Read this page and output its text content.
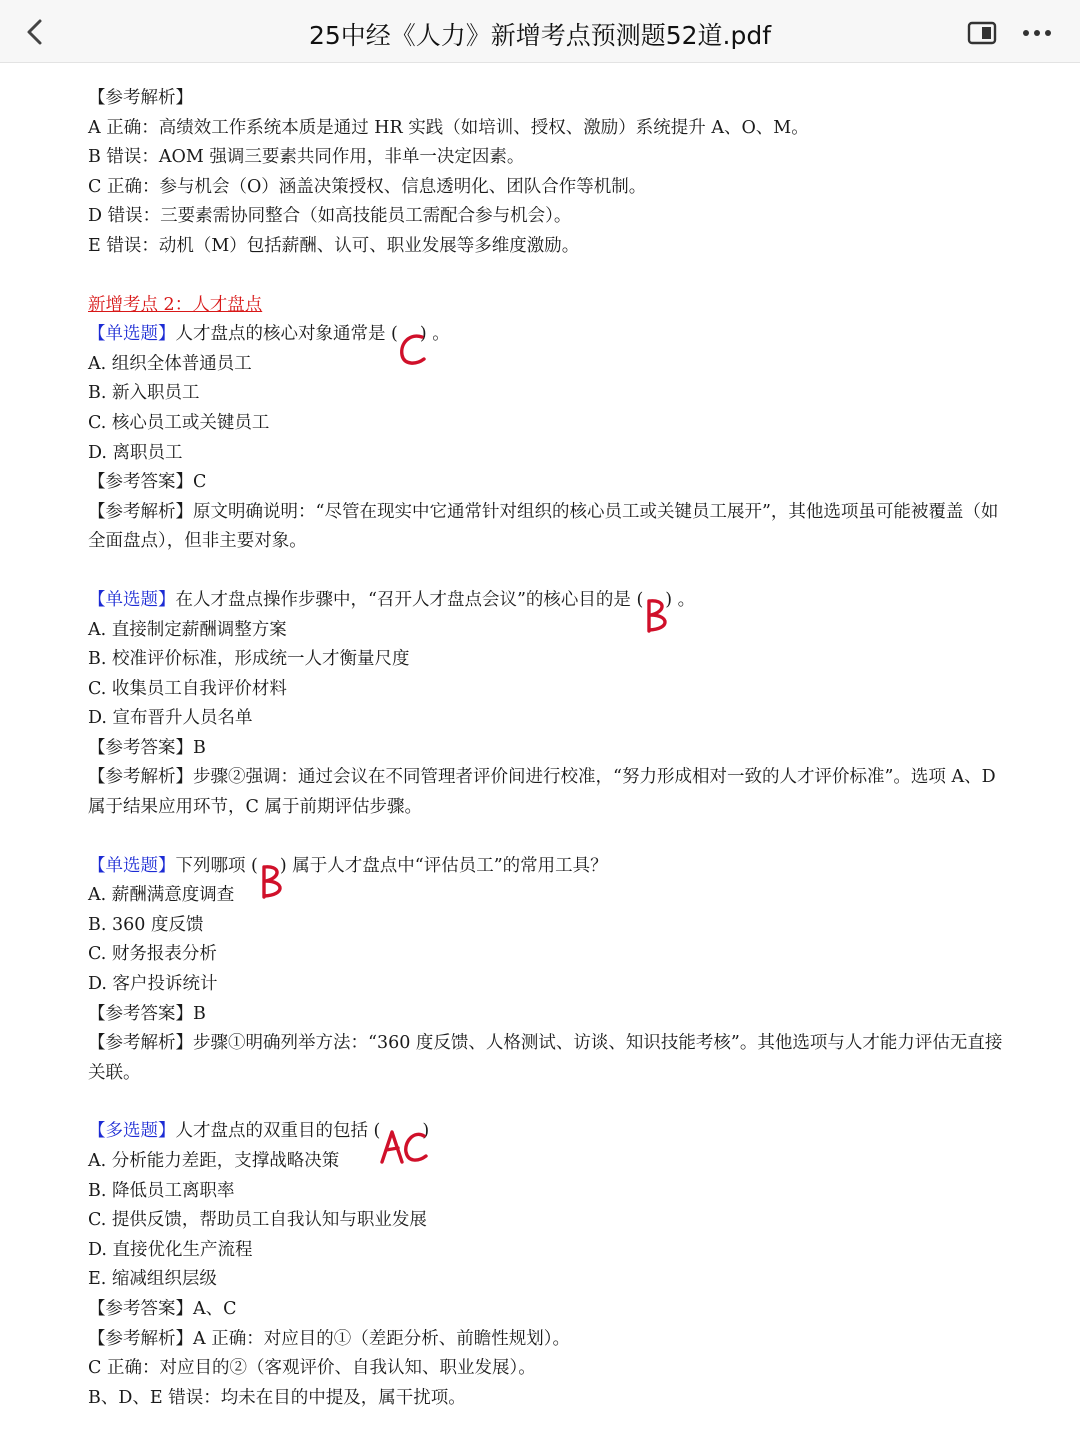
25中经《人力》新增考点预测题52道.pdf
【参考解析】
A 正确：高绩效工作系统本质是通过 HR 实践（如培训、授权、激励）系统提升 A、O、M。
B 错误：AOM 强调三要素共同作用，非单一决定因素。
C 正确：参与机会（O）涵盖决策授权、信息透明化、团队合作等机制。
D 错误：三要素需协同整合（如高技能员工需配合参与机会）。
E 错误：动机（M）包括薪酬、认可、职业发展等多维度激励。
新增考点 2：人才盘点
【单选题】人才盘点的核心对象通常是 ( ) 。
A. 组织全体普通员工
B. 新入职员工
C. 核心员工或关键员工
D. 离职员工
【参考答案】C
【参考解析】原文明确说明：“尽管在现实中它通常针对组织的核心员工或关键员工展开”，其他选项虽可能被覆盖（如全面盘点），但非主要对象。
【单选题】在人才盘点操作步骤中，“召开人才盘点会议”的核心目的是 ( ) 。
A. 直接制定薪酬调整方案
B. 校准评价标准，形成统一人才衡量尺度
C. 收集员工自我评价材料
D. 宣布晋升人员名单
【参考答案】B
【参考解析】步骤②强调：通过会议在不同管理者评价间进行校准，“努力形成相对一致的人才评价标准”。选项 A、D 属于结果应用环节，C 属于前期评估步骤。
【单选题】下列哪项 ( ) 属于人才盘点中“评估员工”的常用工具？
A. 薪酬满意度调查
B. 360 度反馈
C. 财务报表分析
D. 客户投诉统计
【参考答案】B
【参考解析】步骤①明确列举方法：“360 度反馈、人格测试、访谈、知识技能考核”。其他选项与人才能力评估无直接关联。
【多选题】人才盘点的双重目的包括 ( )
A. 分析能力差距，支撑战略决策
B. 降低员工离职率
C. 提供反馈，帮助员工自我认知与职业发展
D. 直接优化生产流程
E. 缩减组织层级
【参考答案】A、C
【参考解析】A 正确：对应目的①（差距分析、前瞻性规划）。
C 正确：对应目的②（客观评价、自我认知、职业发展）。
B、D、E 错误：均未在目的中提及，属干扰项。
